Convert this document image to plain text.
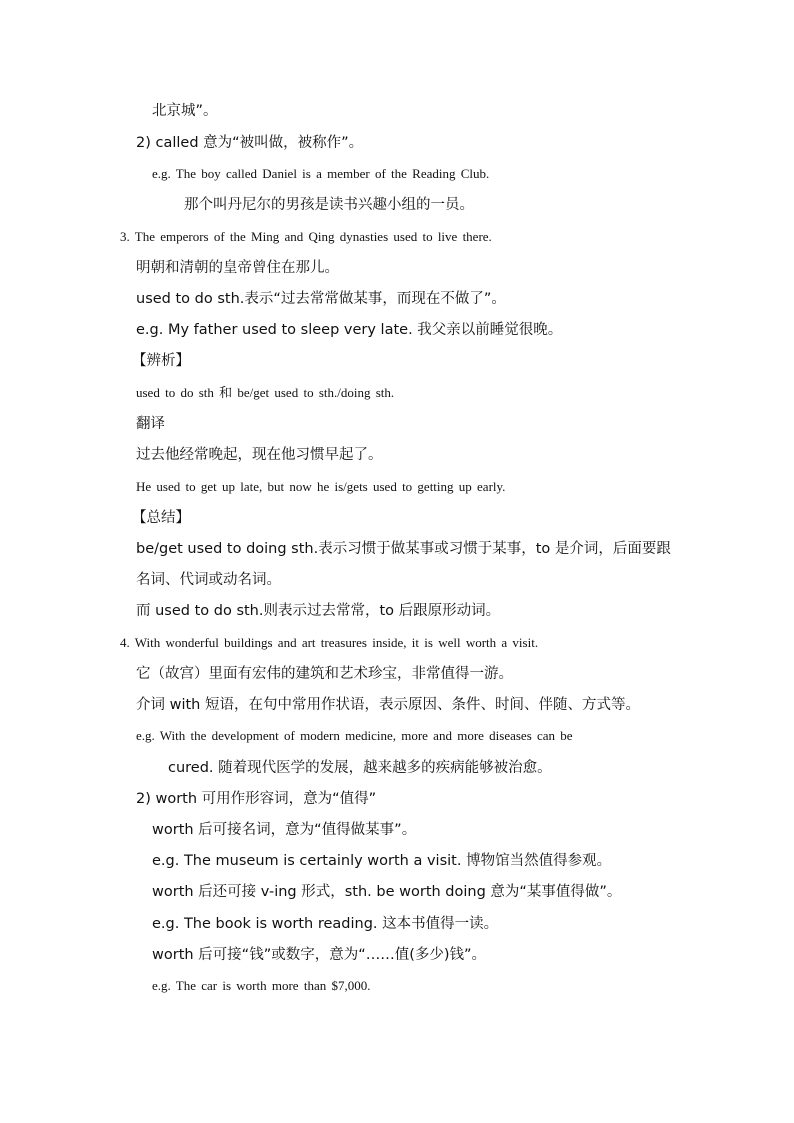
北京城”。
2) called 意为“被叫做，被称作”。
e.g. The boy called Daniel is a member of the Reading Club.
那个叫丹尼尔的男孩是读书兴趣小组的一员。
3. The emperors of the Ming and Qing dynasties used to live there.
明朝和清朝的皇帝曾住在那儿。
used to do sth.表示“过去常常做某事，而现在不做了”。
e.g. My father used to sleep very late. 我父亲以前睡觉很晚。
【辨析】
used to do sth 和 be/get used to sth./doing sth.
翻译
过去他经常晚起，现在他习惯早起了。
He used to get up late, but now he is/gets used to getting up early.
【总结】
be/get used to doing sth.表示习惯于做某事或习惯于某事，to 是介词，后面要跟
名词、代词或动名词。
而 used to do sth.则表示过去常常，to 后跟原形动词。
4. With wonderful buildings and art treasures inside, it is well worth a visit.
它（故宫）里面有宏伟的建筑和艺术珍宝，非常值得一游。
介词 with 短语，在句中常用作状语，表示原因、条件、时间、伴随、方式等。
e.g. With the development of modern medicine, more and more diseases can be
cured. 随着现代医学的发展，越来越多的疾病能够被治愈。
2) worth 可用作形容词，意为“值得”
worth 后可接名词，意为“值得做某事”。
e.g. The museum is certainly worth a visit. 博物馆当然值得参观。
worth 后还可接 v-ing 形式，sth. be worth doing 意为“某事值得做”。
e.g. The book is worth reading. 这本书值得一读。
worth 后可接“钱”或数字，意为“……值(多少)钱”。
e.g. The car is worth more than $7,000.
